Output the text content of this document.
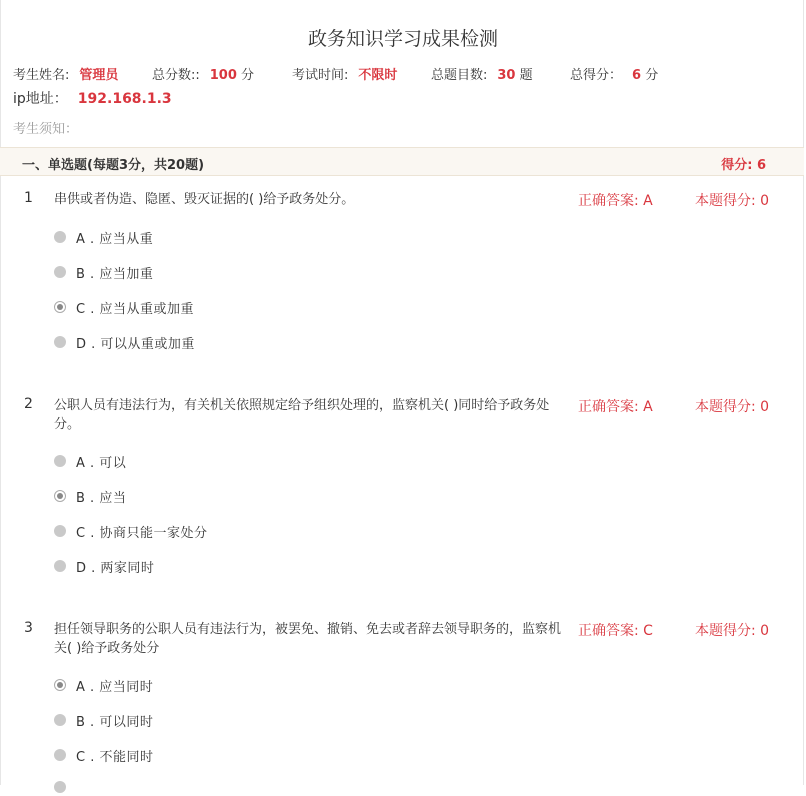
政务知识学习成果检测
考生姓名: 管理员	总分数:: 100 分	考试时间: 不限时	总题目数: 30 题	总得分： 6 分
ip地址： 192.168.1.3
考生须知：
一、单选题(每题3分，共20题)	得分: 6
1 串供或者伪造、隐匿、毁灭证据的( )给予政务处分。	正确答案: A	本题得分: 0
A . 应当从重
B . 应当加重
C . 应当从重或加重
D . 可以从重或加重
2 公职人员有违法行为，有关机关依照规定给予组织处理的，监察机关( )同时给予政务处分。
正确答案: A	本题得分: 0
A . 可以
B . 应当
C . 协商只能一家处分
D . 两家同时
3 担任领导职务的公职人员有违法行为，被罢免、撤销、免去或者辞去领导职务的，监察机关( )给予政务处分
正确答案: C	本题得分: 0
A . 应当同时
B . 可以同时
C . 不能同时
